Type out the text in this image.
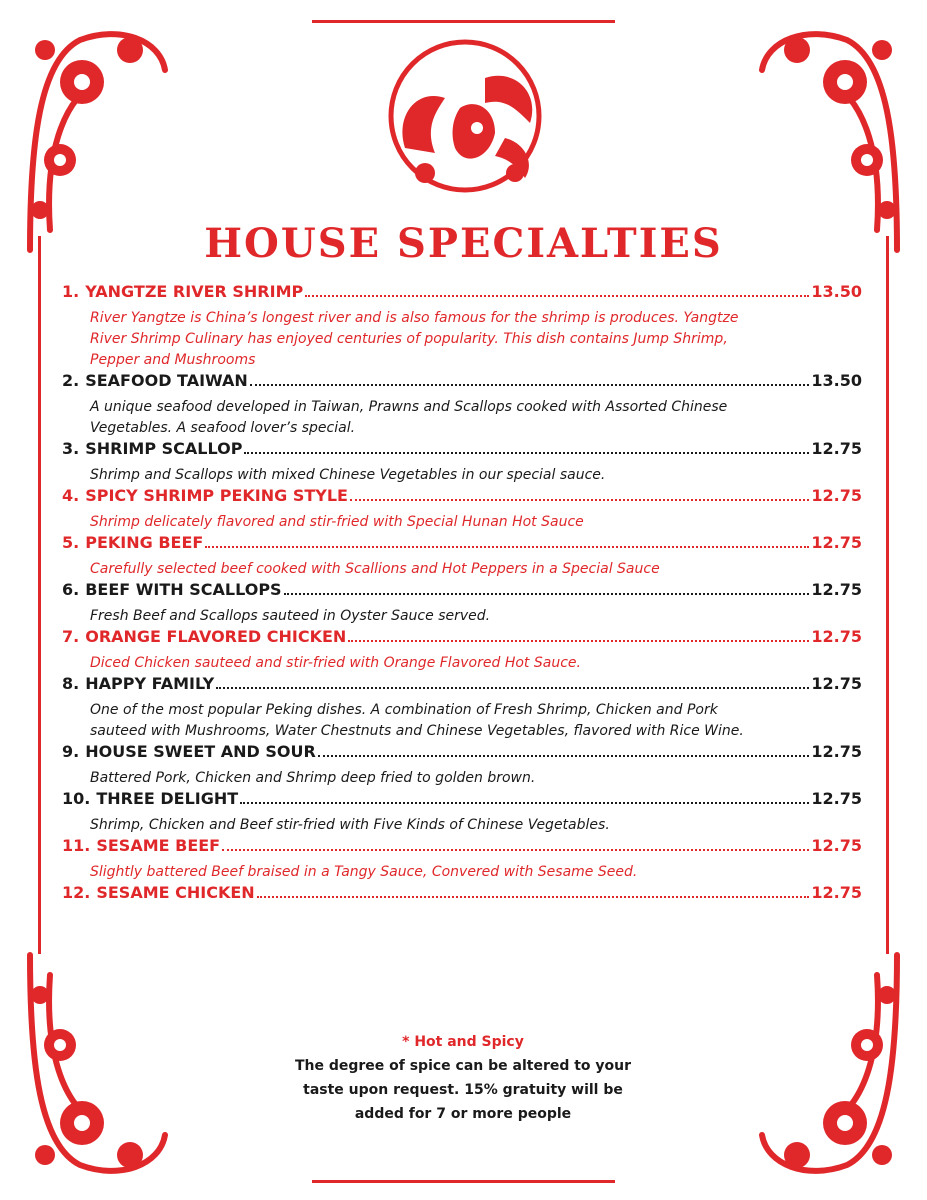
HOUSE SPECIALTIES
1. YANGTZE RIVER SHRIMP	13.50
River Yangtze is China’s longest river and is also famous for the shrimp is produces. Yangtze
River Shrimp Culinary has enjoyed centuries of popularity. This dish contains Jump Shrimp,
Pepper and Mushrooms
2. SEAFOOD TAIWAN	13.50
A unique seafood developed in Taiwan, Prawns and Scallops cooked with Assorted Chinese
Vegetables. A seafood lover’s special.
3. SHRIMP SCALLOP	12.75
Shrimp and Scallops with mixed Chinese Vegetables in our special sauce.
4. SPICY SHRIMP PEKING STYLE	12.75
Shrimp delicately flavored and stir-fried with Special Hunan Hot Sauce
5. PEKING BEEF	12.75
Carefully selected beef cooked with Scallions and Hot Peppers in a Special Sauce
6. BEEF WITH SCALLOPS	12.75
Fresh Beef and Scallops sauteed in Oyster Sauce served.
7. ORANGE FLAVORED CHICKEN	12.75
Diced Chicken sauteed and stir-fried with Orange Flavored Hot Sauce.
8. HAPPY FAMILY	12.75
One of the most popular Peking dishes. A combination of Fresh Shrimp, Chicken and Pork
sauteed with Mushrooms, Water Chestnuts and Chinese Vegetables, flavored with Rice Wine.
9. HOUSE SWEET AND SOUR	12.75
Battered Pork, Chicken and Shrimp deep fried to golden brown.
10. THREE DELIGHT	12.75
Shrimp, Chicken and Beef stir-fried with Five Kinds of Chinese Vegetables.
11. SESAME BEEF	12.75
Slightly battered Beef braised in a Tangy Sauce, Convered with Sesame Seed.
12. SESAME CHICKEN	12.75
* Hot and Spicy
The degree of spice can be altered to your
taste upon request. 15% gratuity will be
added for 7 or more people
